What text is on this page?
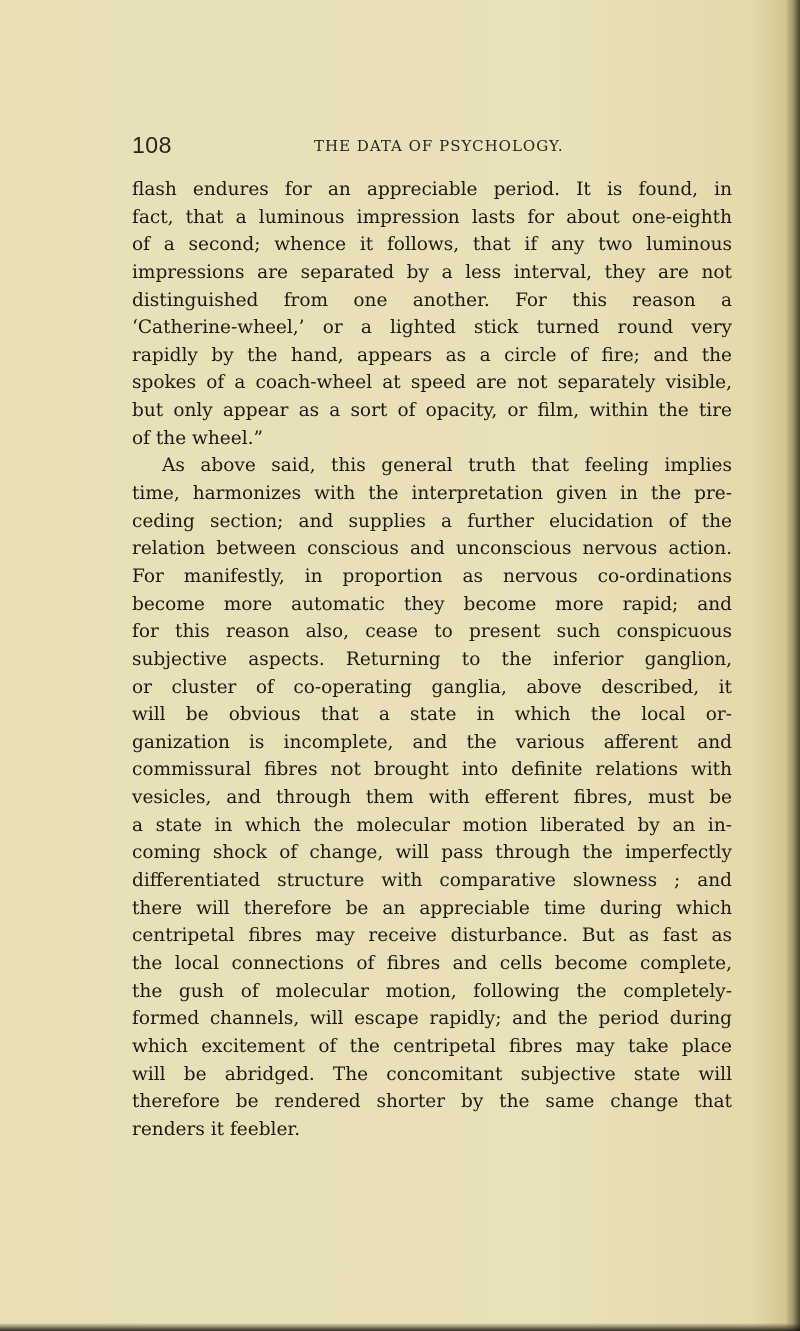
108	THE DATA OF PSYCHOLOGY.
flash endures for an appreciable period. It is found, in
fact, that a luminous impression lasts for about one-eighth
of a second; whence it follows, that if any two luminous
impressions are separated by a less interval, they are not
distinguished from one another. For this reason a
‘Catherine-wheel,’ or a lighted stick turned round very
rapidly by the hand, appears as a circle of fire; and the
spokes of a coach-wheel at speed are not separately visible,
but only appear as a sort of opacity, or film, within the tire
of the wheel.”
As above said, this general truth that feeling implies
time, harmonizes with the interpretation given in the pre-
ceding section; and supplies a further elucidation of the
relation between conscious and unconscious nervous action.
For manifestly, in proportion as nervous co-ordinations
become more automatic they become more rapid; and
for this reason also, cease to present such conspicuous
subjective aspects. Returning to the inferior ganglion,
or cluster of co-operating ganglia, above described, it
will be obvious that a state in which the local or-
ganization is incomplete, and the various afferent and
commissural fibres not brought into definite relations with
vesicles, and through them with efferent fibres, must be
a state in which the molecular motion liberated by an in-
coming shock of change, will pass through the imperfectly
differentiated structure with comparative slowness ; and
there will therefore be an appreciable time during which
centripetal fibres may receive disturbance. But as fast as
the local connections of fibres and cells become complete,
the gush of molecular motion, following the completely-
formed channels, will escape rapidly; and the period during
which excitement of the centripetal fibres may take place
will be abridged. The concomitant subjective state will
therefore be rendered shorter by the same change that
renders it feebler.
